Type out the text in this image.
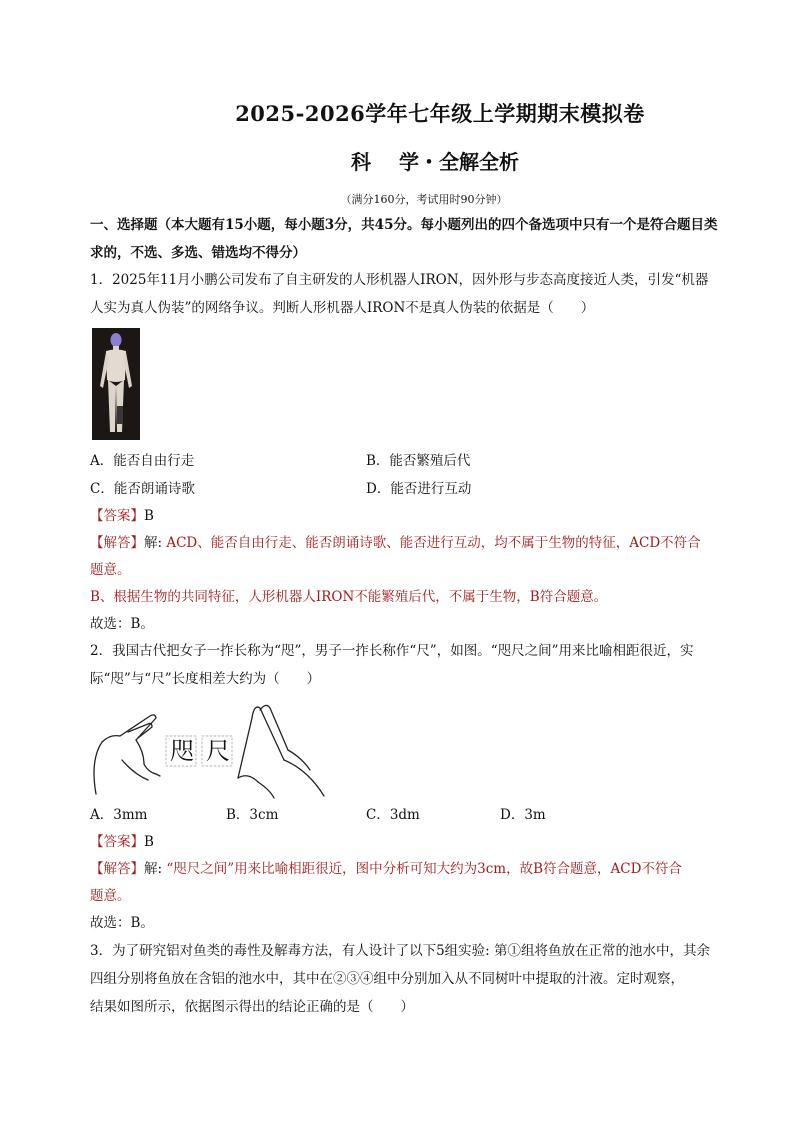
2025-2026学年七年级上学期期末模拟卷
科 学・全解全析
（满分160分，考试用时90分钟）
一、选择题（本大题有15小题，每小题3分，共45分。每小题列出的四个备选项中只有一个是符合题目类
求的，不选、多选、错选均不得分）
1．2025年11月小鹏公司发布了自主研发的人形机器人IRON，因外形与步态高度接近人类，引发“机器
人实为真人伪装”的网络争议。判断人形机器人IRON不是真人伪装的依据是（　　）
A．能否自由行走	B．能否繁殖后代
C．能否朗诵诗歌	D．能否进行互动
【答案】B
【解答】解: ACD、能否自由行走、能否朗诵诗歌、能否进行互动，均不属于生物的特征，ACD不符合
题意。
B、根据生物的共同特征，人形机器人IRON不能繁殖后代，不属于生物，B符合题意。
故选：B。
2．我国古代把女子一拃长称为“咫”，男子一拃长称作“尺”，如图。“咫尺之间”用来比喻相距很近，实
际“咫”与“尺”长度相差大约为（　　）
咫 尺
A．3mm	B．3cm	C．3dm	D．3m
【答案】B
【解答】解: “咫尺之间”用来比喻相距很近，图中分析可知大约为3cm，故B符合题意，ACD不符合
题意。
故选：B。
3．为了研究铝对鱼类的毒性及解毒方法，有人设计了以下5组实验: 第①组将鱼放在正常的池水中，其余
四组分别将鱼放在含铝的池水中，其中在②③④组中分别加入从不同树叶中提取的汁液。定时观察，
结果如图所示，依据图示得出的结论正确的是（　　）
